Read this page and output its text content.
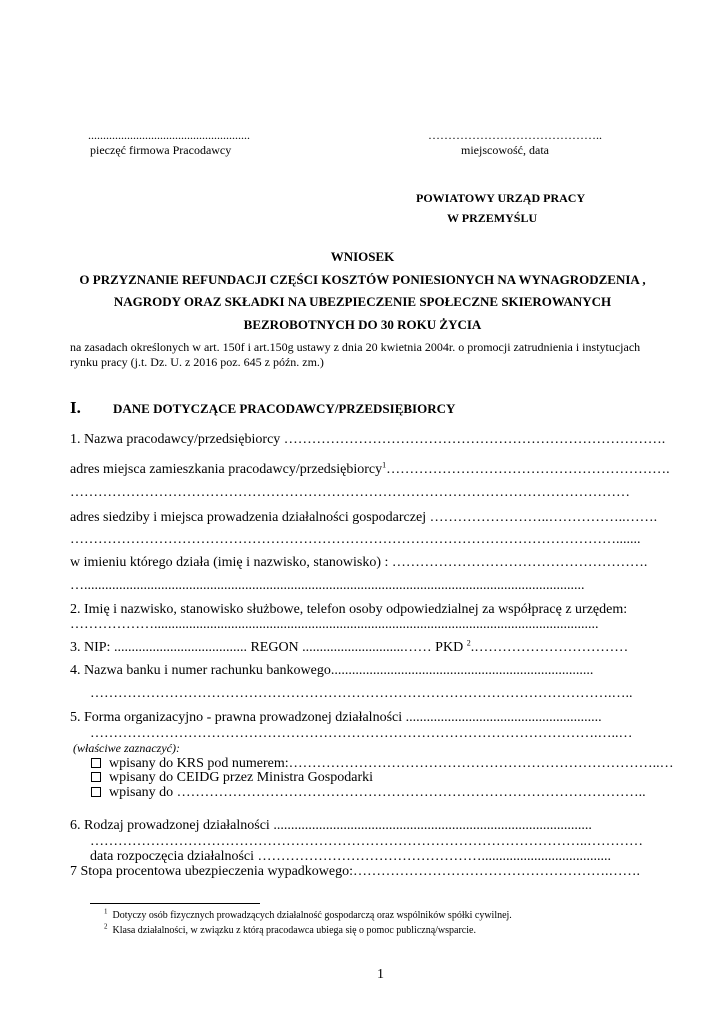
......................................................
pieczęć firmowa Pracodawcy
……………………………………..
miejscowość, data
POWIATOWY URZĄD PRACY
W PRZEMYŚLU
WNIOSEK
O PRZYZNANIE REFUNDACJI CZĘŚCI KOSZTÓW PONIESIONYCH NA WYNAGRODZENIA ,
NAGRODY ORAZ SKŁADKI NA UBEZPIECZENIE SPOŁECZNE SKIEROWANYCH
BEZROBOTNYCH DO 30 ROKU ŻYCIA
na zasadach określonych w art. 150f i art.150g ustawy z dnia 20 kwietnia 2004r. o promocji zatrudnienia i instytucjach
rynku pracy (j.t. Dz. U. z 2016 poz. 645 z późn. zm.)
I. DANE DOTYCZĄCE PRACODAWCY/PRZEDSIĘBIORCY
1. Nazwa pracodawcy/przedsiębiorcy ……………………………………………………………………….
adres miejsca zamieszkania pracodawcy/przedsiębiorcy$^1$…………………………………………………….
…………………………………………………………………………………………………………
adres siedziby i miejsca prowadzenia działalności gospodarczej ……………………..……………..…….
……………………………………………………………………………………………………….......
w imieniu którego działa (imię i nazwisko, stanowisko) : ……………………………………………….
…...............................................................................................................................................
2. Imię i nazwisko, stanowisko służbowe, telefon osoby odpowiedzialnej za współpracę z urzędem:
………………...............................................................................................................................
3. NIP: ...................................... REGON .............................…… PKD $^2$.……………………………
4. Nazwa banku i numer rachunku bankowego...........................................................................
………………………………………………………………………………………………….…..
5. Forma organizacyjno - prawna prowadzonej działalności ........................................................
……………………………………………………………………………………………….…..…
(właściwe zaznaczyć):
wpisany do KRS pod numerem:……………………………………………………………………..…
wpisany do CEIDG przez Ministra Gospodarki
wpisany do ………………………………………………………………………………………..
6. Rodzaj prowadzonej działalności ...........................................................................................
……………………………………………………………………………………………..…………
data rozpoczęcia działalności ………………………………………….....................................
7 Stopa procentowa ubezpieczenia wypadkowego:……………………………………………….…….
$^1$ Dotyczy osób fizycznych prowadzących działalność gospodarczą oraz wspólników spółki cywilnej.
$^2$ Klasa działalności, w związku z którą pracodawca ubiega się o pomoc publiczną/wsparcie.
1
